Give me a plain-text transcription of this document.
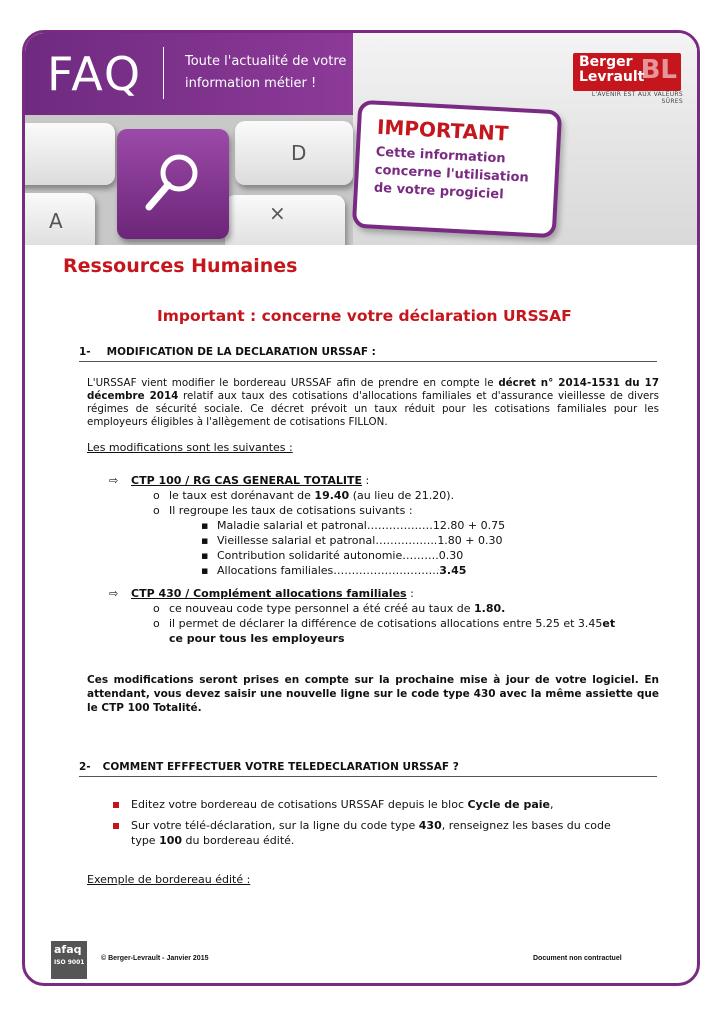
A
D
×
FAQ	Toute l'actualité de votre
information métier !
Berger
Levrault
BL
L'AVENIR EST AUX VALEURS SÛRES
IMPORTANT
Cette information
concerne l'utilisation
de votre progiciel
Ressources Humaines
Important : concerne votre déclaration URSSAF
1- MODIFICATION DE LA DECLARATION URSSAF :
L'URSSAF vient modifier le bordereau URSSAF afin de prendre en compte le décret n° 2014-1531 du 17 décembre 2014 relatif aux taux des cotisations d'allocations familiales et d'assurance vieillesse de divers régimes de sécurité sociale. Ce décret prévoit un taux réduit pour les cotisations familiales pour les employeurs éligibles à l'allègement de cotisations FILLON.
Les modifications sont les suivantes :
⇨ CTP 100 / RG CAS GENERAL TOTALITE :
o le taux est dorénavant de 19.40 (au lieu de 21.20).
o Il regroupe les taux de cotisations suivants :
▪ Maladie salarial et patronal………………12.80 + 0.75
▪ Vieillesse salarial et patronal……………..1.80 + 0.30
▪ Contribution solidarité autonomie……….0.30
▪ Allocations familiales………………………..3.45
⇨ CTP 430 / Complément allocations familiales :
o ce nouveau code type personnel a été créé au taux de 1.80.
o il permet de déclarer la différence de cotisations allocations entre 5.25 et 3.45et
ce pour tous les employeurs
Ces modifications seront prises en compte sur la prochaine mise à jour de votre logiciel. En attendant, vous devez saisir une nouvelle ligne sur le code type 430 avec la même assiette que le CTP 100 Totalité.
2- COMMENT EFFFECTUER VOTRE TELEDECLARATION URSSAF ?
Editez votre bordereau de cotisations URSSAF depuis le bloc Cycle de paie,
Sur votre télé-déclaration, sur la ligne du code type 430, renseignez les bases du code
type 100 du bordereau édité.
Exemple de bordereau édité :
afaq
ISO 9001
© Berger-Levrault - Janvier 2015	Document non contractuel
